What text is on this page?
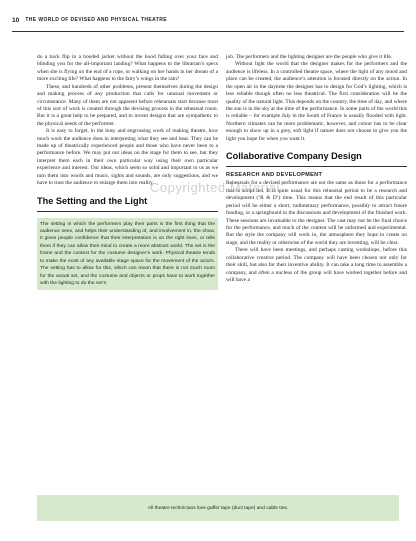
10 THE WORLD OF DEVISED AND PHYSICAL THEATRE

do a back flip in a hooded jacket without the hood falling over your face and blinding you for the all-important landing? What happens to the librarian’s specs when she is flying on the end of a rope, or walking on her hands in her dream of a more exciting life? What happens to the fairy’s wings in the rain?

These, and hundreds of other problems, present themselves during the design and making process of any production that calls for unusual movement or circumstance. Many of them are not apparent before rehearsals start because most of this sort of work is created through the devising process in the rehearsal room. But it is a great help to be prepared, and to invent designs that are sympathetic to the physical needs of the performer.

It is easy to forget, in the busy and engrossing work of making theatre, how much work the audience does in interpreting what they see and hear. They can be made up of theatrically experienced people and those who have never been to a performance before. We may put our ideas on the stage for them to see, but they interpret them each in their own particular way using their own particular experience and interest. Our ideas, which seem so solid and important to us as we turn them into words and music, sights and sounds, are only suggestions, and we have to trust the audience to enlarge them into reality.

The Setting and the Light

The setting in which the performers play their parts is the first thing that the audience sees, and helps their understanding of, and involvement in, the show. It gives people confidence that their interpretation is on the right lines, or tells them if they can allow their mind to create a more abstract world. The set is the frame and the context for the costume designer’s work. Physical theatre tends to make the most of any available stage space for the movement of the actors. The setting has to allow for this, which can mean that there is not much room for the actual set, and the costume and objects or props have to work together with the lighting to do the set’s

job. The performers and the lighting designer are the people who give it life.

Without light the world that the designer makes for the performers and the audience is lifeless. In a controlled theatre space, where the light of any mood and place can be created, the audience’s attention is focused directly on the action. In the open air in the daytime the designer has to design for God’s lighting, which is less reliable though often no less theatrical. The first consideration will be the quality of the natural light. This depends on the country, the time of day, and where the sun is in the sky at the time of the performance. In some parts of the world this is reliable – for example July in the South of France is usually flooded with light. Northern climates can be more problematic, however, and colour has to be clear enough to show up in a grey, soft light if nature does not choose to give you the light you hope for when you want it.

Collaborative Company Design
RESEARCH AND DEVELOPMENT

Rehearsals for a devised performance are not the same as those for a performance that is script led. It is quite usual for this rehearsal period to be a research and development (‘R & D’) time. This means that the end result of this particular period will be either a short, rudimentary performance, possibly to attract future funding, or a springboard to the discussions and development of the finished work. These sessions are invaluable to the designer. The cast may not be the final choice for the performance, and much of the content will be unformed and experimental. But the style the company will work in, the atmosphere they hope to create on stage, and the reality or otherwise of the world they are inventing, will be clear.

There will have been meetings, and perhaps casting workshops, before this collaborative creative period. The company will have been chosen not only for their skill, but also for their inventive ability. It can take a long time to assemble a company, and often a nucleus of the group will have worked together before and will have a

Copyrighted Material
All theatre technicians love gaffer tape (duct tape) and cable ties.
